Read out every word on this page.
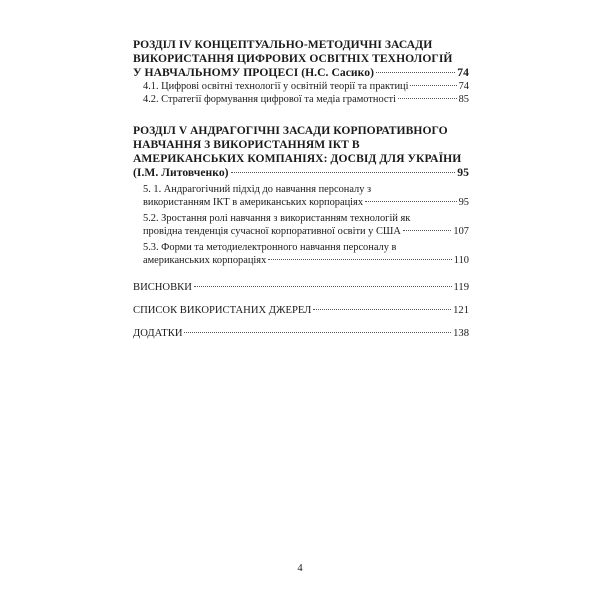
РОЗДІЛ IV КОНЦЕПТУАЛЬНО-МЕТОДИЧНІ ЗАСАДИ
ВИКОРИСТАННЯ ЦИФРОВИХ ОСВІТНІХ ТЕХНОЛОГІЙ
У НАВЧАЛЬНОМУ ПРОЦЕСІ (Н.С. Сасико)	74
4.1. Цифрові освітні технології у освітній теорії та практиці	74
4.2. Стратегії формування цифрової та медіа грамотності	85
РОЗДІЛ V АНДРАГОГІЧНІ ЗАСАДИ КОРПОРАТИВНОГО
НАВЧАННЯ З ВИКОРИСТАННЯМ ІКТ В
АМЕРИКАНСЬКИХ КОМПАНІЯХ: ДОСВІД ДЛЯ УКРАЇНИ
(І.М. Литовченко)	95
5. 1. Андрагогічний підхід до навчання персоналу з
використанням ІКТ в американських корпораціях	95
5.2. Зростання ролі навчання з використанням технологій як
провідна тенденція сучасної корпоративної освіти у США	107
5.3. Форми та методиелектронного навчання персоналу в
американських корпораціях	110
ВИСНОВКИ	119
СПИСОК ВИКОРИСТАНИХ ДЖЕРЕЛ	121
ДОДАТКИ	138
4
